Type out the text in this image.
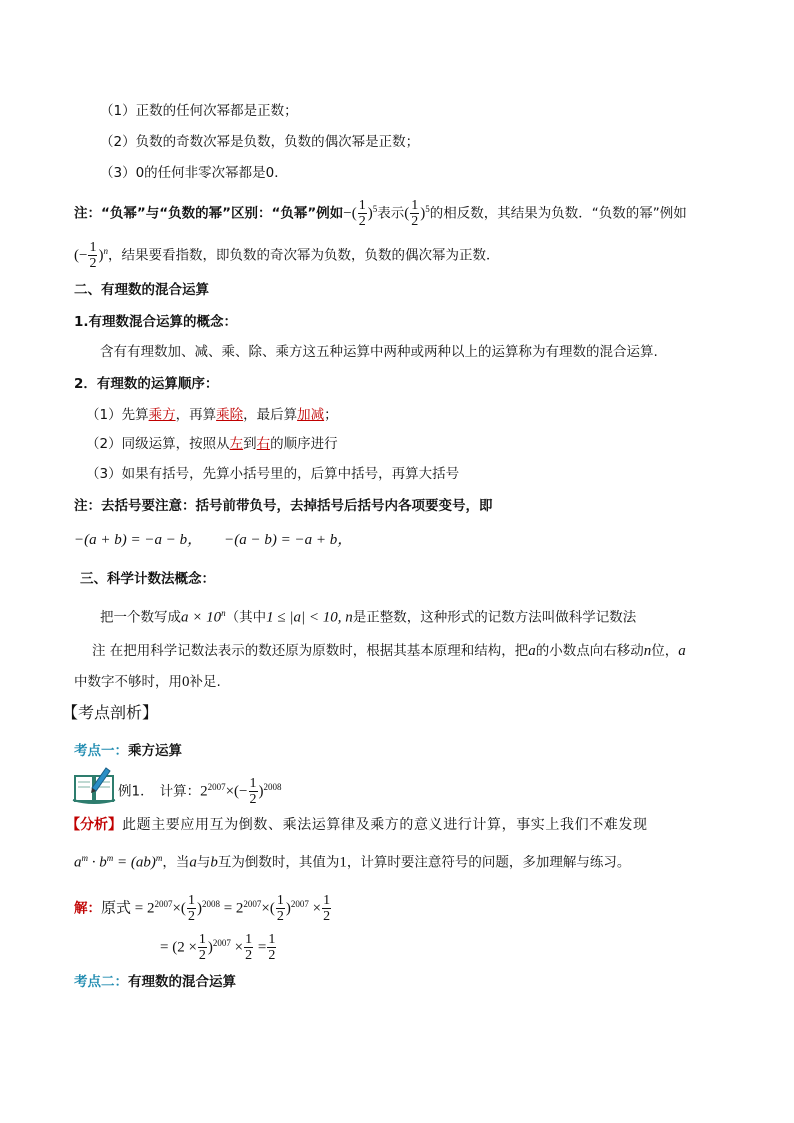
（1）正数的任何次幂都是正数；
（2）负数的奇数次幂是负数，负数的偶次幂是正数；
（3）0的任何非零次幂都是0．
注：“负幂”与“负数的幂”区别：“负幂”例如−( $\frac{1}{2} )^5$表示( $\frac{1}{2} )^5$的相反数，其结果为负数．“负数的幂”例如
(− $\frac{1}{2} )^n$，结果要看指数，即负数的奇次幂为负数，负数的偶次幂为正数．
二、有理数的混合运算
1.有理数混合运算的概念：
含有有理数加、减、乘、除、乘方这五种运算中两种或两种以上的运算称为有理数的混合运算.
2．有理数的运算顺序：
（1）先算乘方，再算乘除，最后算加减；
（2）同级运算，按照从左到右的顺序进行
（3）如果有括号，先算小括号里的，后算中括号，再算大括号
注：去括号要注意：括号前带负号，去掉括号后括号内各项要变号，即
−(a + b) = −a − b， −(a − b) = −a + b，
三、科学计数法概念：
把一个数写成$a \times 10^n$（其中1 ≤ |a| < 10, n是正整数，这种形式的记数方法叫做科学记数法
注 在把用科学记数法表示的数还原为原数时，根据其基本原理和结构，把a的小数点向右移动n位，a
中数字不够时，用0补足.
【考点剖析】
考点一：乘方运算
例1． 计算：$2^{2007}\times(- \frac{1}{2} )^{2008}$
【分析】此题主要应用互为倒数、乘法运算律及乘方的意义进行计算，事实上我们不难发现
$a^m \cdot b^m = (ab)^m$，当a与b互为倒数时，其值为1，计算时要注意符号的问题，多加理解与练习。
解：原式 = $2^{2007}\times( \frac{1}{2} )^{2008} = 2^{2007}\times( \frac{1}{2} )^{2007} \times \frac{1}{2}$
= $(2 \times \frac{1}{2} )^{2007} \times \frac{1}{2} = \frac{1}{2}$
考点二：有理数的混合运算
